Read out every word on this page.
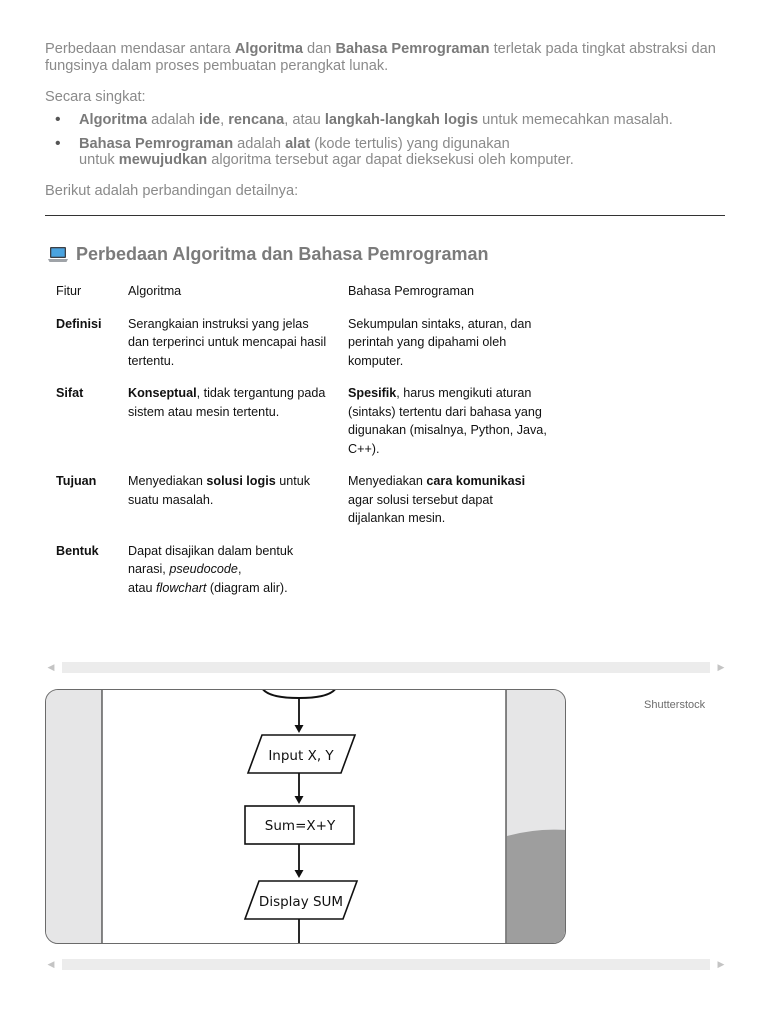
Perbedaan mendasar antara Algoritma dan Bahasa Pemrograman terletak pada tingkat abstraksi dan fungsinya dalam proses pembuatan perangkat lunak.

Secara singkat:

• Algoritma adalah ide, rencana, atau langkah-langkah logis untuk memecahkan masalah.
• Bahasa Pemrograman adalah alat (kode tertulis) yang digunakan
untuk mewujudkan algoritma tersebut agar dapat dieksekusi oleh komputer.

Berikut adalah perbandingan detailnya:

Perbedaan Algoritma dan Bahasa Pemrograman
Fitur	Algoritma	Bahasa Pemrograman
Definisi	Serangkaian instruksi yang jelas dan terperinci untuk mencapai hasil tertentu.	Sekumpulan sintaks, aturan, dan perintah yang dipahami oleh komputer.
Sifat	Konseptual, tidak tergantung pada sistem atau mesin tertentu.	Spesifik, harus mengikuti aturan (sintaks) tertentu dari bahasa yang digunakan (misalnya, Python, Java, C++).
Tujuan	Menyediakan solusi logis untuk suatu masalah.	Menyediakan cara komunikasi agar solusi tersebut dapat dijalankan mesin.
Bentuk	Dapat disajikan dalam bentuk narasi, pseudocode,
atau flowchart (diagram alir).	
◀	▶
Input X, Y
Sum=X+Y
Display SUM
Shutterstock
◀	▶
